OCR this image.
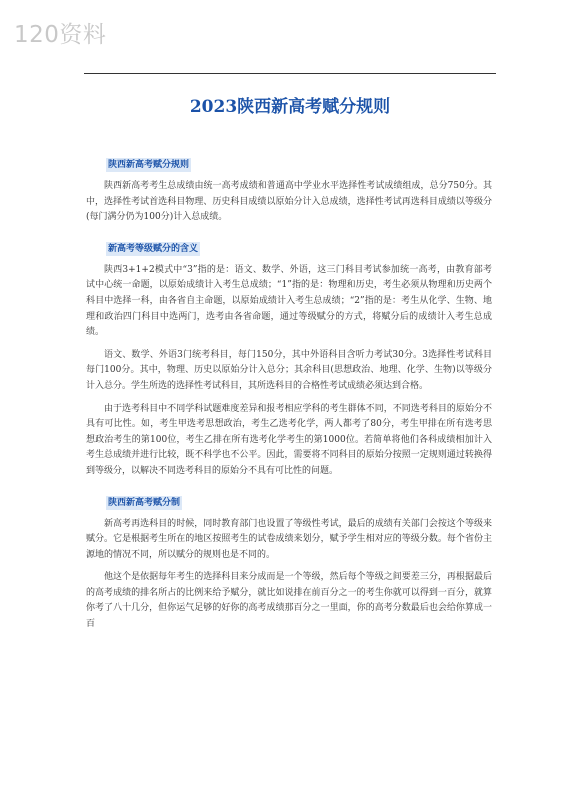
120资料
2023陕西新高考赋分规则
陕西新高考赋分规则

陕西新高考考生总成绩由统一高考成绩和普通高中学业水平选择性考试成绩组成，总分750分。其中，选择性考试首选科目物理、历史科目成绩以原始分计入总成绩，选择性考试再选科目成绩以等级分(每门满分仍为100分)计入总成绩。

新高考等级赋分的含义

陕西3+1+2模式中“3”指的是：语文、数学、外语，这三门科目考试参加统一高考，由教育部考试中心统一命题，以原始成绩计入考生总成绩；“1”指的是：物理和历史，考生必须从物理和历史两个科目中选择一科，由各省自主命题，以原始成绩计入考生总成绩；“2”指的是：考生从化学、生物、地理和政治四门科目中选两门，选考由各省命题，通过等级赋分的方式，将赋分后的成绩计入考生总成绩。

语文、数学、外语3门统考科目，每门150分，其中外语科目含听力考试30分。3选择性考试科目每门100分。其中，物理、历史以原始分计入总分；其余科目(思想政治、地理、化学、生物)以等级分计入总分。学生所选的选择性考试科目，其所选科目的合格性考试成绩必须达到合格。

由于选考科目中不同学科试题难度差异和报考相应学科的考生群体不同，不同选考科目的原始分不具有可比性。如，考生甲选考思想政治，考生乙选考化学，两人都考了80分，考生甲排在所有选考思想政治考生的第100位，考生乙排在所有选考化学考生的第1000位。若简单将他们各科成绩相加计入考生总成绩并进行比较，既不科学也不公平。因此，需要将不同科目的原始分按照一定规则通过转换得到等级分，以解决不同选考科目的原始分不具有可比性的问题。

陕西新高考赋分制

新高考再选科目的时候，同时教育部门也设置了等级性考试，最后的成绩有关部门会按这个等级来赋分。它是根据考生所在的地区按照考生的试卷成绩来划分，赋予学生相对应的等级分数。每个省份主源地的情况不同，所以赋分的规则也是不同的。

他这个是依据每年考生的选择科目来分成而是一个等级，然后每个等级之间要差三分，再根据最后的高考成绩的排名所占的比例来给予赋分，就比如说排在前百分之一的考生你就可以得到一百分，就算你考了八十几分，但你运气足够的好你的高考成绩那百分之一里面，你的高考分数最后也会给你算成一百
